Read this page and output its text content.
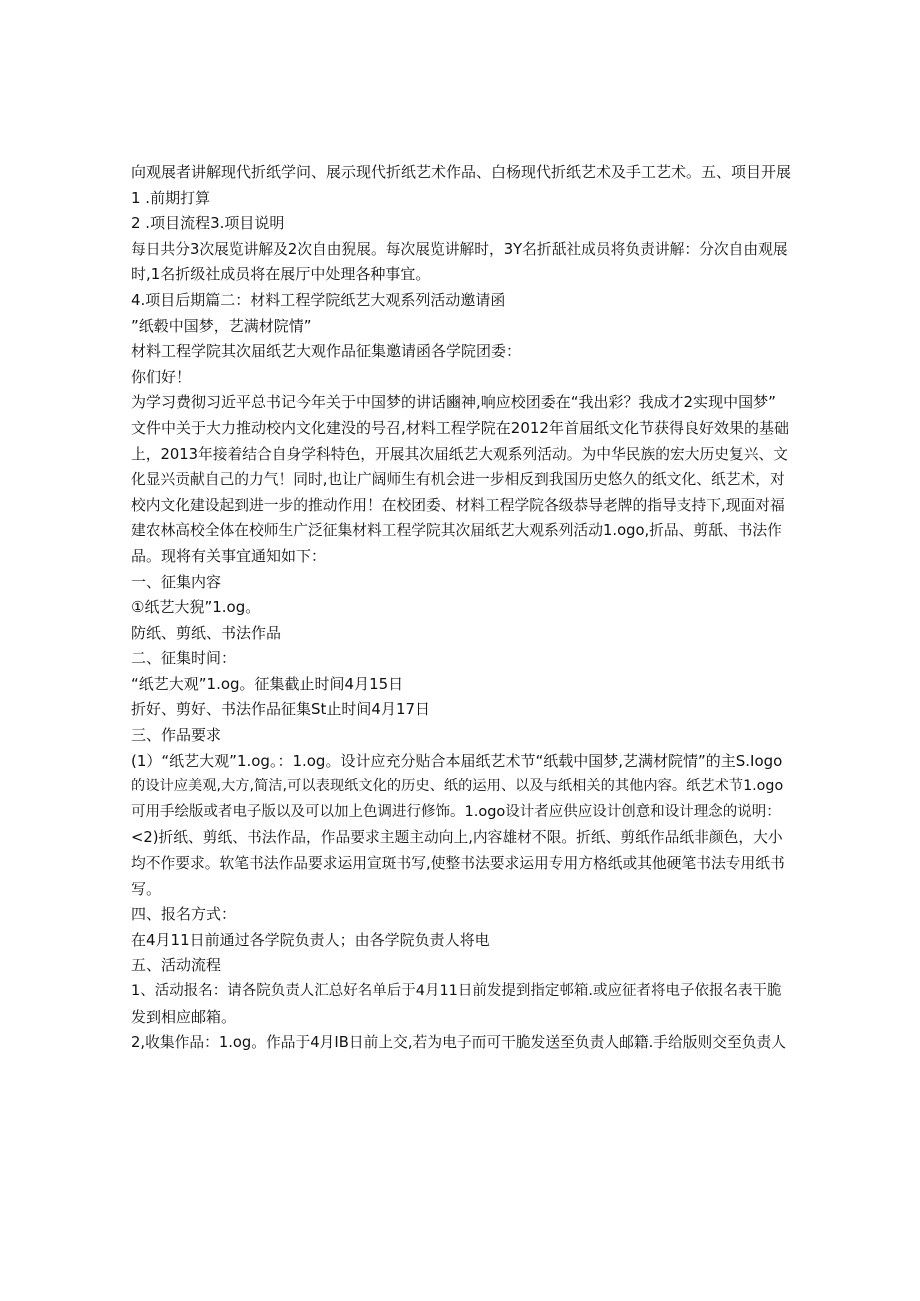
向观展者讲解现代折纸学问、展示现代折纸艺术作品、白杨现代折纸艺术及手工艺术。五、项目开展
1 .前期打算
2 .项目流程3.项目说明
每日共分3次展览讲解及2次自由猊展。每次展览讲解时，3Y名折舐社成员将负责讲解：分次自由观展
时,1名折级社成员将在展厅中处理各种事宜。
4.项目后期篇二：材料工程学院纸艺大观系列活动邀请函
”纸毂中国梦，艺满材院情”
材料工程学院其次届纸艺大观作品征集邀请函各学院团委：
你们好！
为学习费彻习近平总书记今年关于中国梦的讲话豳神,响应校团委在“我出彩？我成才2实现中国梦”
文件中关于大力推动校内文化建没的号召,材料工程学院在2012年首届纸文化节获得良好效果的基础
上，2013年接着结合自身学科特色，开展其次届纸艺大观系列活动。为中华民族的宏大历史复兴、文
化显兴贡献自己的力气！同时,也让广阔师生有机会进一步相反到我国历史悠久的纸文化、纸艺术，对
校内文化建设起到进一步的推动作用！在校团委、材料工程学院各级恭导老牌的指导支持下,现面对福
建农林高校全体在校师生广泛征集材料工程学院其次届纸艺大观系列活动1.ogo,折品、剪舐、书法作
品。现将有关事宜通知如下：
一、征集内容
①纸艺大猊”1.og。
防纸、剪纸、书法作品
二、征集时间：
“纸艺大观”1.og。征集截止时间4月15日
折好、剪好、书法作品征集St止时间4月17日
三、作品要求
(1）“纸艺大观”1.og。：1.og。设计应充分贴合本届纸艺术节“纸载中国梦,艺满材院情”的主S.Iogo
的设计应美观,大方,简洁,可以表现纸文化的历史、纸的运用、以及与纸相关的其他内容。纸艺术节1.ogo
可用手绘版或者电子版以及可以加上色调进行修饰。1.ogo设计者应供应设计创意和设计理念的说明：
<2)折纸、剪纸、书法作品，作品要求主题主动向上,内容雄材不限。折纸、剪纸作品纸非颜色，大小
均不作要求。软笔书法作品要求运用宣斑书写,使整书法要求运用专用方格纸或其他硬笔书法专用纸书
写。
四、报名方式：
在4月11日前通过各学院负责人；由各学院负责人将电
五、活动流程
1、活动报名：请各院负责人汇总好名单后于4月11日前发提到指定邨箱.或应征者将电子依报名表干脆
发到相应邮箱。
2,收集作品：1.og。作品于4月IB日前上交,若为电子而可干脆发送至负责人邮籍.手给版则交至负责人
